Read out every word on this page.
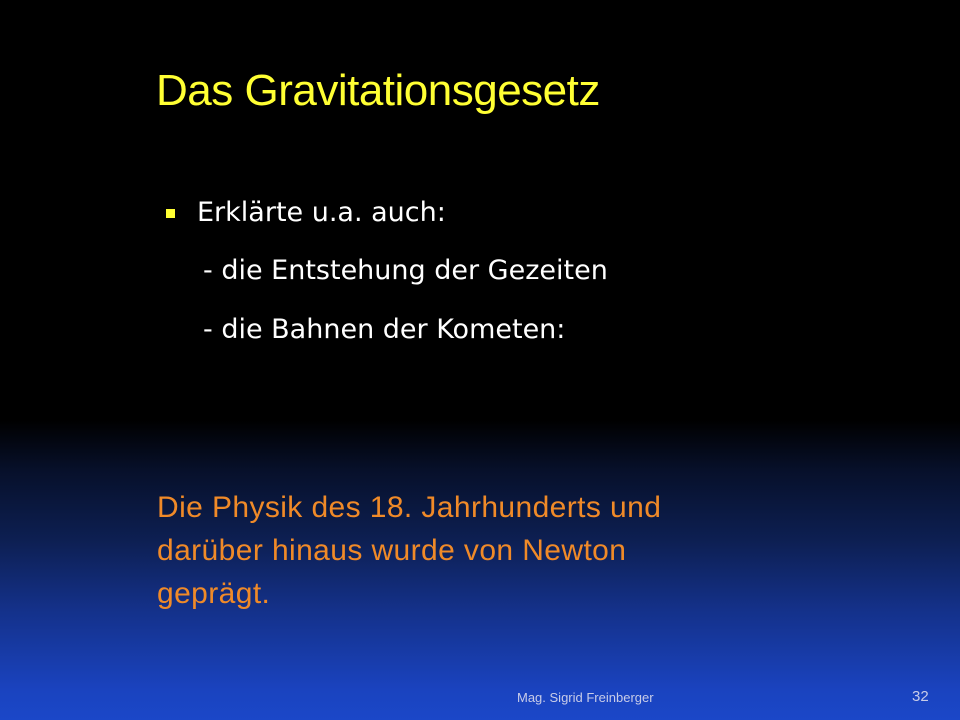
Das Gravitationsgesetz
Erklärte u.a. auch:
- die Entstehung der Gezeiten
- die Bahnen der Kometen:

Die Physik des 18. Jahrhunderts und
darüber hinaus wurde von Newton
geprägt.

Mag. Sigrid Freinberger	32
